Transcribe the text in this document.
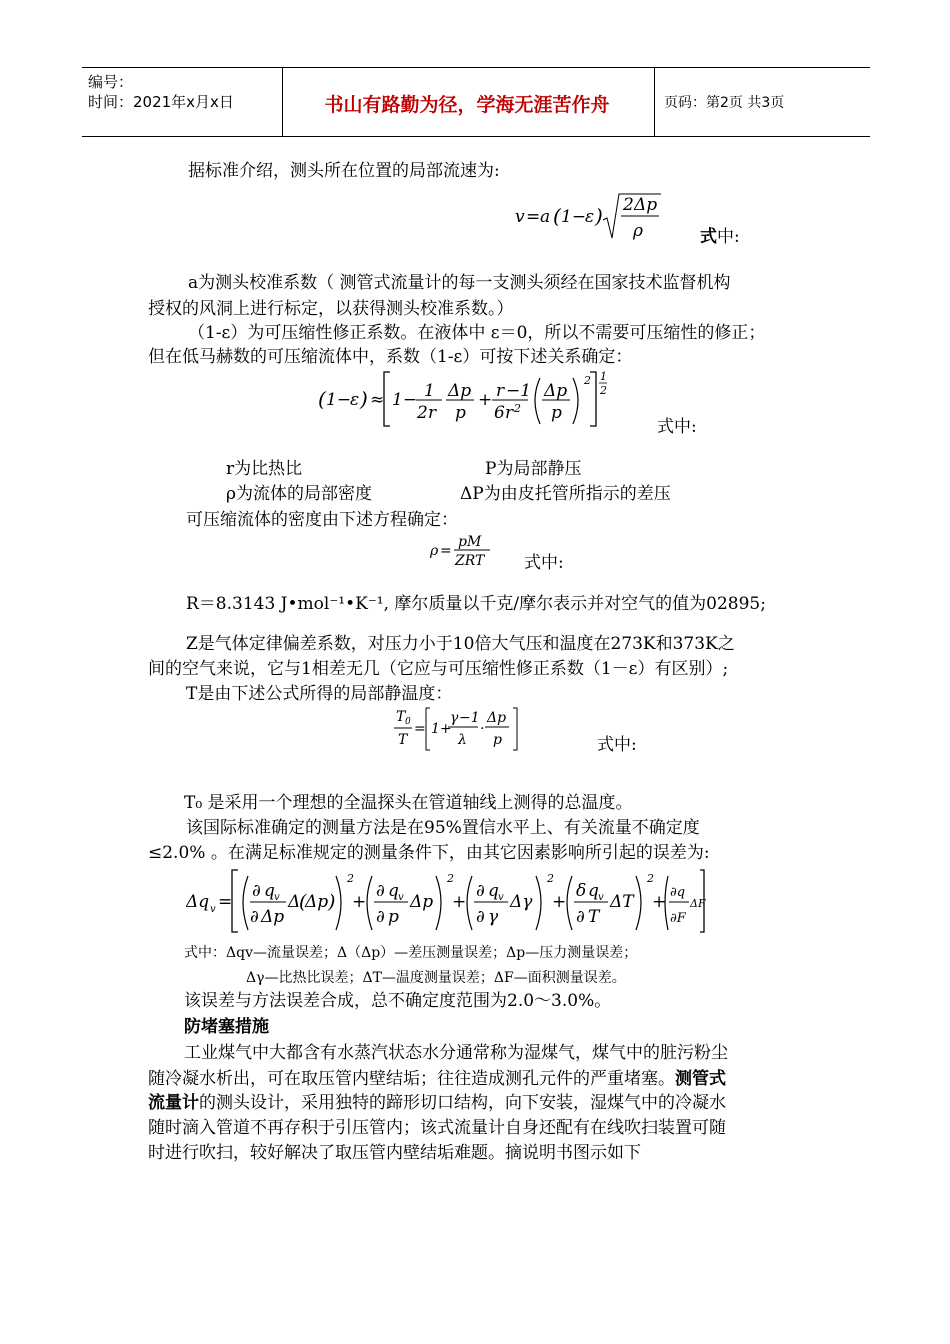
编号：
时间：2021年x月x日	书山有路勤为径，学海无涯苦作舟	页码：第2页 共3页
据标准介绍，测头所在位置的局部流速为:
v = a ( 1−
ε ) 2 Δp
ρ	式中:
a为测头校准系数（ 测管式流量计的每一支测头须经在国家技术监督机构
授权的风洞上进行标定，以获得测头校准系数。）
（1-ε）为可压缩性修正系数。在液体中 ε＝0，所以不需要可压缩性的修正；
但在低马赫数的可压缩流体中，系数（1-ε）可按下述关系确定：
( 1−
ε ) ≈ 1− 1
2 r
Δp
p
+ r −1
6 r 2
Δp
p
2 1
2
式中:
r为比热比	P为局部静压
ρ为流体的局部密度	ΔP为由皮托管所指示的差压
可压缩流体的密度由下述方程确定：
ρ =
pM
ZRT 式中:
R＝8.3143 J•mol⁻¹•K⁻¹, 摩尔质量以千克/摩尔表示并对空气的值为02895;
Z是气体定律偏差系数，对压力小于10倍大气压和温度在273K和373K之
间的空气来说，它与1相差无几（它应与可压缩性修正系数（1－ε）有区别）;
T是由下述公式所得的局部静温度：
T 0
T
= 1+
γ −1
λ
·
Δp
p	式中:
T₀ 是采用一个理想的全温探头在管道轴线上测得的总温度。
该国际标准确定的测量方法是在95%置信水平上、有关流量不确定度
≤2.0% 。在满足标准规定的测量条件下，由其它因素影响所引起的误差为:
Δq v =
∂ q v
∂ Δp
Δ
(
Δp )
2
+
∂ q v
∂ p
Δp
2
+
∂ q v
∂ γ
Δγ
2
+
δ q v
∂ T
ΔT
2
+ ∂q
∂F
ΔF
式中：Δqv—流量误差；Δ（Δp）—差压测量误差；Δp—压力测量误差；
Δγ—比热比误差；ΔT—温度测量误差；ΔF—面积测量误差。
该误差与方法误差合成，总不确定度范围为2.0～3.0%。
防堵塞措施
工业煤气中大都含有水蒸汽状态水分通常称为湿煤气，煤气中的脏污粉尘
随冷凝水析出，可在取压管内壁结垢；往往造成测孔元件的严重堵塞。测管式
流量计的测头设计，采用独特的蹄形切口结构，向下安装，湿煤气中的冷凝水
随时滴入管道不再存积于引压管内；该式流量计自身还配有在线吹扫装置可随
时进行吹扫，较好解决了取压管内壁结垢难题。摘说明书图示如下
